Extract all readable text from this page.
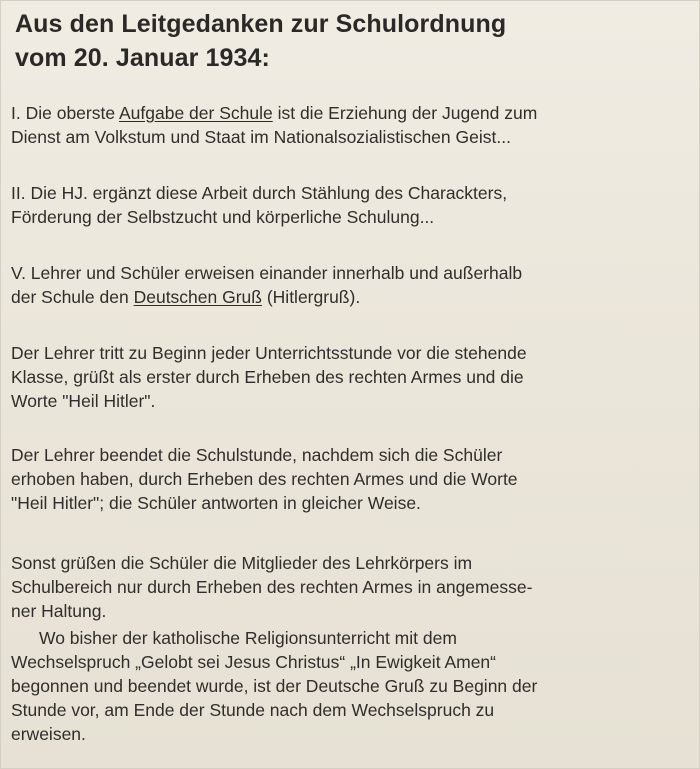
Aus den Leitgedanken zur Schulordnung
vom 20. Januar 1934:

I. Die oberste Aufgabe der Schule ist die Erziehung der Jugend zum
Dienst am Volkstum und Staat im Nationalsozialistischen Geist...

II. Die HJ. ergänzt diese Arbeit durch Stählung des Charackters,
Förderung der Selbstzucht und körperliche Schulung...

V. Lehrer und Schüler erweisen einander innerhalb und außerhalb
der Schule den Deutschen Gruß (Hitlergruß).

Der Lehrer tritt zu Beginn jeder Unterrichtsstunde vor die stehende
Klasse, grüßt als erster durch Erheben des rechten Armes und die
Worte "Heil Hitler".

Der Lehrer beendet die Schulstunde, nachdem sich die Schüler
erhoben haben, durch Erheben des rechten Armes und die Worte
"Heil Hitler"; die Schüler antworten in gleicher Weise.

Sonst grüßen die Schüler die Mitglieder des Lehrkörpers im
Schulbereich nur durch Erheben des rechten Armes in angemesse-
ner Haltung.

Wo bisher der katholische Religionsunterricht mit dem
Wechselspruch „Gelobt sei Jesus Christus“ „In Ewigkeit Amen“
begonnen und beendet wurde, ist der Deutsche Gruß zu Beginn der
Stunde vor, am Ende der Stunde nach dem Wechselspruch zu
erweisen.
